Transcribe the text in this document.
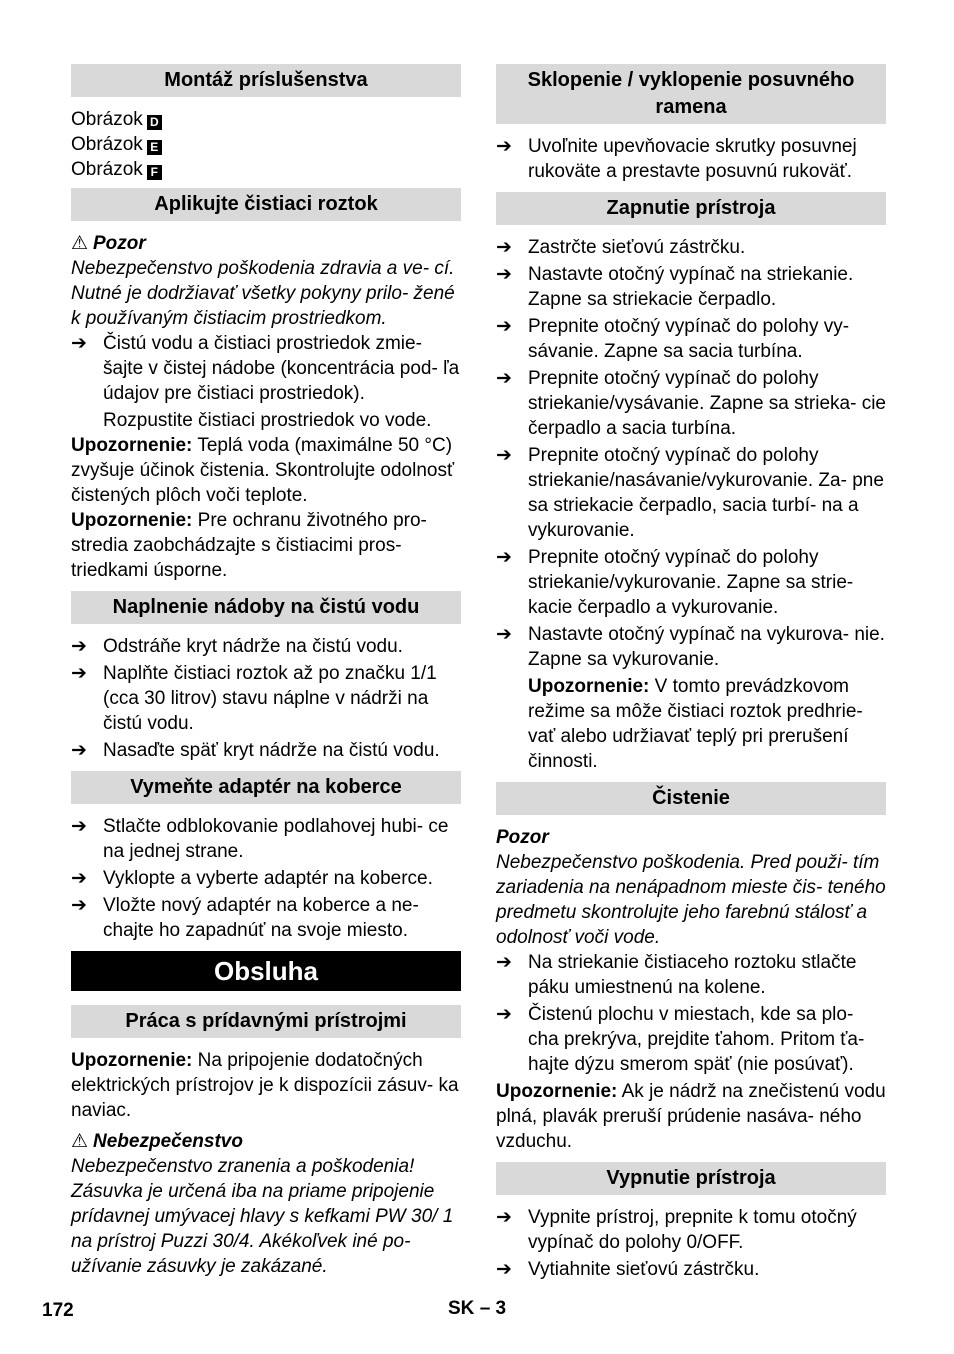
Montáž príslušenstva

Obrázok D

Obrázok E

Obrázok F

Aplikujte čistiaci roztok

⚠ Pozor

Nebezpečenstvo poškodenia zdravia a ve- cí. Nutné je dodržiavať všetky pokyny prilo- žené k používaným čistiacim prostriedkom.

➔ Čistú vodu a čistiaci prostriedok zmie- šajte v čistej nádobe (koncentrácia pod- ľa údajov pre čistiaci prostriedok).

Rozpustite čistiaci prostriedok vo vode.

Upozornenie: Teplá voda (maximálne 50 °C) zvyšuje účinok čistenia. Skontrolujte odolnosť čistených plôch voči teplote.

Upozornenie: Pre ochranu životného pro- stredia zaobchádzajte s čistiacimi pros- triedkami úsporne.

Naplnenie nádoby na čistú vodu
➔ Odstráňe kryt nádrže na čistú vodu.
➔ Naplňte čistiaci roztok až po značku 1/1 (cca 30 litrov) stavu náplne v nádrži na čistú vodu.
➔ Nasaďte späť kryt nádrže na čistú vodu.
Vymeňte adaptér na koberce
➔ Stlačte odblokovanie podlahovej hubi- ce na jednej strane.
➔ Vyklopte a vyberte adaptér na koberce.
➔ Vložte nový adaptér na koberce a ne- chajte ho zapadnúť na svoje miesto.
Obsluha
Práca s prídavnými prístrojmi

Upozornenie: Na pripojenie dodatočných elektrických prístrojov je k dispozícii zásuv- ka naviac.

⚠ Nebezpečenstvo

Nebezpečenstvo zranenia a poškodenia! Zásuvka je určená iba na priame pripojenie prídavnej umývacej hlavy s kefkami PW 30/ 1 na prístroj Puzzi 30/4. Akékoľvek iné po- užívanie zásuvky je zakázané.

Sklopenie / vyklopenie posuvného ramena
➔ Uvoľnite upevňovacie skrutky posuvnej rukoväte a prestavte posuvnú rukoväť.
Zapnutie prístroja
➔ Zastrčte sieťovú zástrčku.
➔ Nastavte otočný vypínač na striekanie. Zapne sa striekacie čerpadlo.
➔ Prepnite otočný vypínač do polohy vy- sávanie. Zapne sa sacia turbína.
➔ Prepnite otočný vypínač do polohy striekanie/vysávanie. Zapne sa strieka- cie čerpadlo a sacia turbína.
➔ Prepnite otočný vypínač do polohy striekanie/nasávanie/vykurovanie. Za- pne sa striekacie čerpadlo, sacia turbí- na a vykurovanie.
➔ Prepnite otočný vypínač do polohy striekanie/vykurovanie. Zapne sa strie- kacie čerpadlo a vykurovanie.
➔ Nastavte otočný vypínač na vykurova- nie. Zapne sa vykurovanie.

Upozornenie: V tomto prevádzkovom režime sa môže čistiaci roztok predhrie- vať alebo udržiavať teplý pri prerušení činnosti.

Čistenie

Pozor

Nebezpečenstvo poškodenia. Pred použi- tím zariadenia na nenápadnom mieste čis- teného predmetu skontrolujte jeho farebnú stálosť a odolnosť voči vode.

➔ Na striekanie čistiaceho roztoku stlačte páku umiestnenú na kolene.
➔ Čistenú plochu v miestach, kde sa plo- cha prekrýva, prejdite ťahom. Pritom ťa- hajte dýzu smerom späť (nie posúvať).

Upozornenie: Ak je nádrž na znečistenú vodu plná, plavák preruší prúdenie nasáva- ného vzduchu.

Vypnutie prístroja
➔ Vypnite prístroj, prepnite k tomu otočný vypínač do polohy 0/OFF.
➔ Vytiahnite sieťovú zástrčku.
172	SK – 3
